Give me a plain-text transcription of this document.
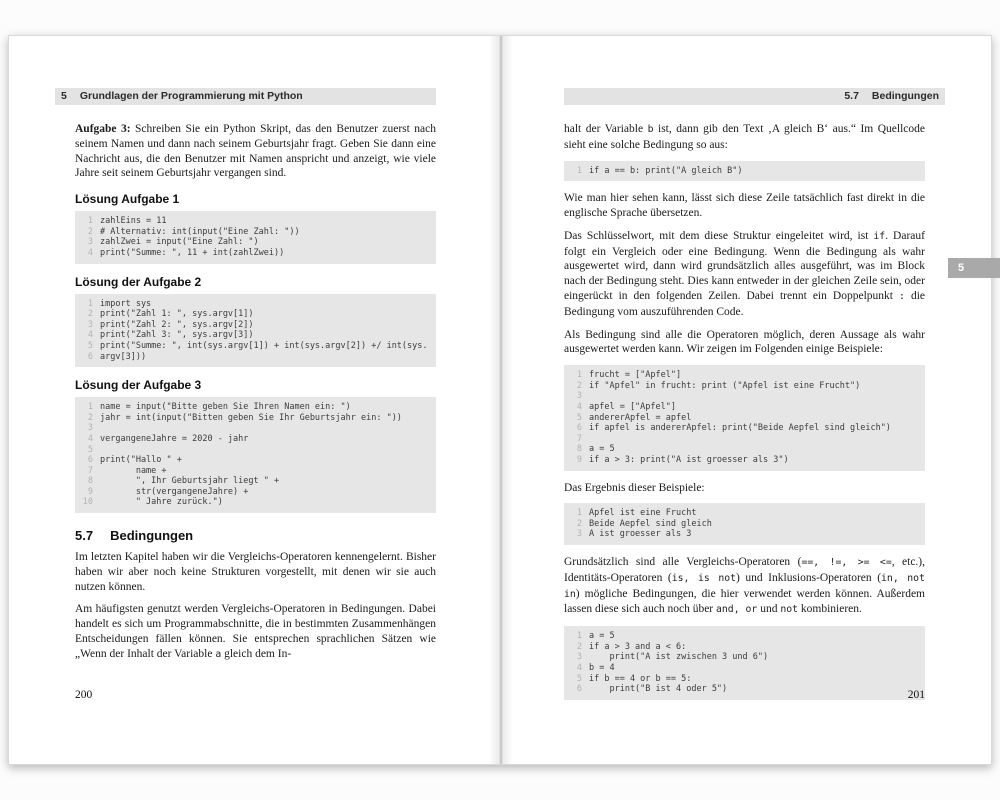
5 Grundlagen der Programmierung mit Python

Aufgabe 3: Schreiben Sie ein Python Skript, das den Benutzer zuerst nach seinem Namen und dann nach seinem Geburtsjahr fragt. Geben Sie dann eine Nachricht aus, die den Benutzer mit Namen anspricht und anzeigt, wie viele Jahre seit seinem Geburtsjahr vergangen sind.

Lösung Aufgabe 1
1 zahlEins = 11
2 # Alternativ: int(input("Eine Zahl: "))
3 zahlZwei = input("Eine Zahl: ")
4 print("Summe: ", 11 + int(zahlZwei))
Lösung der Aufgabe 2
1 import sys
2 print("Zahl 1: ", sys.argv[1])
3 print("Zahl 2: ", sys.argv[2])
4 print("Zahl 3: ", sys.argv[3])
5 print("Summe: ", int(sys.argv[1]) + int(sys.argv[2]) +/ int(sys.
6 argv[3]))
Lösung der Aufgabe 3
1 name = input("Bitte geben Sie Ihren Namen ein: ")
2 jahr = int(input("Bitten geben Sie Ihr Geburtsjahr ein: "))
3
4 vergangeneJahre = 2020 - jahr
5
6 print("Hallo " +
7 name +
8 ", Ihr Geburtsjahr liegt " +
9 str(vergangeneJahre) +
10 " Jahre zurück.")
5.7 Bedingungen

Im letzten Kapitel haben wir die Vergleichs-Operatoren kennengelernt. Bisher haben wir aber noch keine Strukturen vorgestellt, mit denen wir sie auch nutzen können.

Am häufigsten genutzt werden Vergleichs-Operatoren in Bedingungen. Dabei handelt es sich um Programmabschnitte, die in bestimmten Zusammenhängen Entscheidungen fällen können. Sie entsprechen sprachlichen Sätzen wie „Wenn der Inhalt der Variable a gleich dem In-

200
5.7 Bedingungen

halt der Variable b ist, dann gib den Text ‚A gleich B‘ aus.“ Im Quellcode sieht eine solche Bedingung so aus:

1 if a == b: print("A gleich B")

Wie man hier sehen kann, lässt sich diese Zeile tatsächlich fast direkt in die englische Sprache übersetzen.

Das Schlüsselwort, mit dem diese Struktur eingeleitet wird, ist if. Darauf folgt ein Vergleich oder eine Bedingung. Wenn die Bedingung als wahr ausgewertet wird, dann wird grundsätzlich alles ausgeführt, was im Block nach der Bedingung steht. Dies kann entweder in der gleichen Zeile sein, oder eingerückt in den folgenden Zeilen. Dabei trennt ein Doppelpunkt : die Bedingung vom auszuführenden Code.

Als Bedingung sind alle die Operatoren möglich, deren Aussage als wahr ausgewertet werden kann. Wir zeigen im Folgenden einige Beispiele:

1 frucht = ["Apfel"]
2 if "Apfel" in frucht: print ("Apfel ist eine Frucht")
3
4 apfel = ["Apfel"]
5 andererApfel = apfel
6 if apfel is andererApfel: print("Beide Aepfel sind gleich")
7
8 a = 5
9 if a > 3: print("A ist groesser als 3")

Das Ergebnis dieser Beispiele:

1 Apfel ist eine Frucht
2 Beide Aepfel sind gleich
3 A ist groesser als 3

Grundsätzlich sind alle Vergleichs-Operatoren (==, !=, >= <=, etc.), Identitäts-Operatoren (is, is not) und Inklusions-Operatoren (in, not in) mögliche Bedingungen, die hier verwendet werden können. Außerdem lassen diese sich auch noch über and, or und not kombinieren.

1 a = 5
2 if a > 3 and a < 6:
3 print("A ist zwischen 3 und 6")
4 b = 4
5 if b == 4 or b == 5:
6 print("B ist 4 oder 5")	201
5
